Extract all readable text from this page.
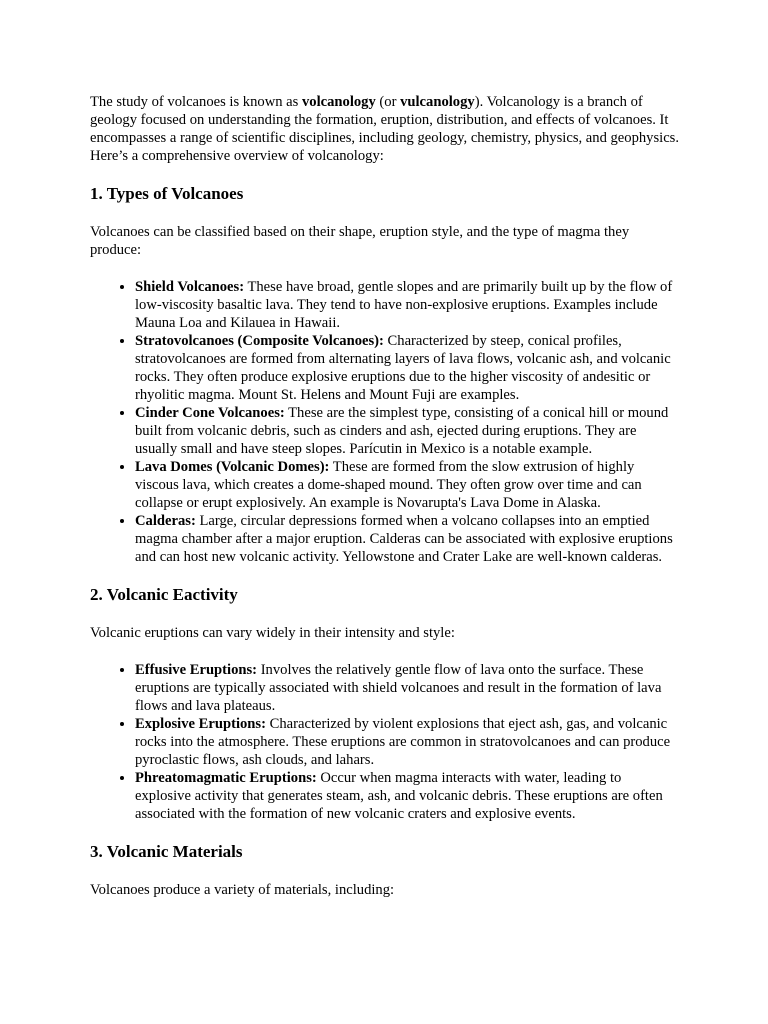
The study of volcanoes is known as volcanology (or vulcanology). Volcanology is a branch of geology focused on understanding the formation, eruption, distribution, and effects of volcanoes. It encompasses a range of scientific disciplines, including geology, chemistry, physics, and geophysics. Here’s a comprehensive overview of volcanology:

1. Types of Volcanoes

Volcanoes can be classified based on their shape, eruption style, and the type of magma they produce:

• Shield Volcanoes: These have broad, gentle slopes and are primarily built up by the flow of low-viscosity basaltic lava. They tend to have non-explosive eruptions. Examples include Mauna Loa and Kilauea in Hawaii.
• Stratovolcanoes (Composite Volcanoes): Characterized by steep, conical profiles, stratovolcanoes are formed from alternating layers of lava flows, volcanic ash, and volcanic rocks. They often produce explosive eruptions due to the higher viscosity of andesitic or rhyolitic magma. Mount St. Helens and Mount Fuji are examples.
• Cinder Cone Volcanoes: These are the simplest type, consisting of a conical hill or mound built from volcanic debris, such as cinders and ash, ejected during eruptions. They are usually small and have steep slopes. Parícutin in Mexico is a notable example.
• Lava Domes (Volcanic Domes): These are formed from the slow extrusion of highly viscous lava, which creates a dome-shaped mound. They often grow over time and can collapse or erupt explosively. An example is Novarupta's Lava Dome in Alaska.
• Calderas: Large, circular depressions formed when a volcano collapses into an emptied magma chamber after a major eruption. Calderas can be associated with explosive eruptions and can host new volcanic activity. Yellowstone and Crater Lake are well-known calderas.
2. Volcanic Eactivity

Volcanic eruptions can vary widely in their intensity and style:

• Effusive Eruptions: Involves the relatively gentle flow of lava onto the surface. These eruptions are typically associated with shield volcanoes and result in the formation of lava flows and lava plateaus.
• Explosive Eruptions: Characterized by violent explosions that eject ash, gas, and volcanic rocks into the atmosphere. These eruptions are common in stratovolcanoes and can produce pyroclastic flows, ash clouds, and lahars.
• Phreatomagmatic Eruptions: Occur when magma interacts with water, leading to explosive activity that generates steam, ash, and volcanic debris. These eruptions are often associated with the formation of new volcanic craters and explosive events.
3. Volcanic Materials

Volcanoes produce a variety of materials, including:
